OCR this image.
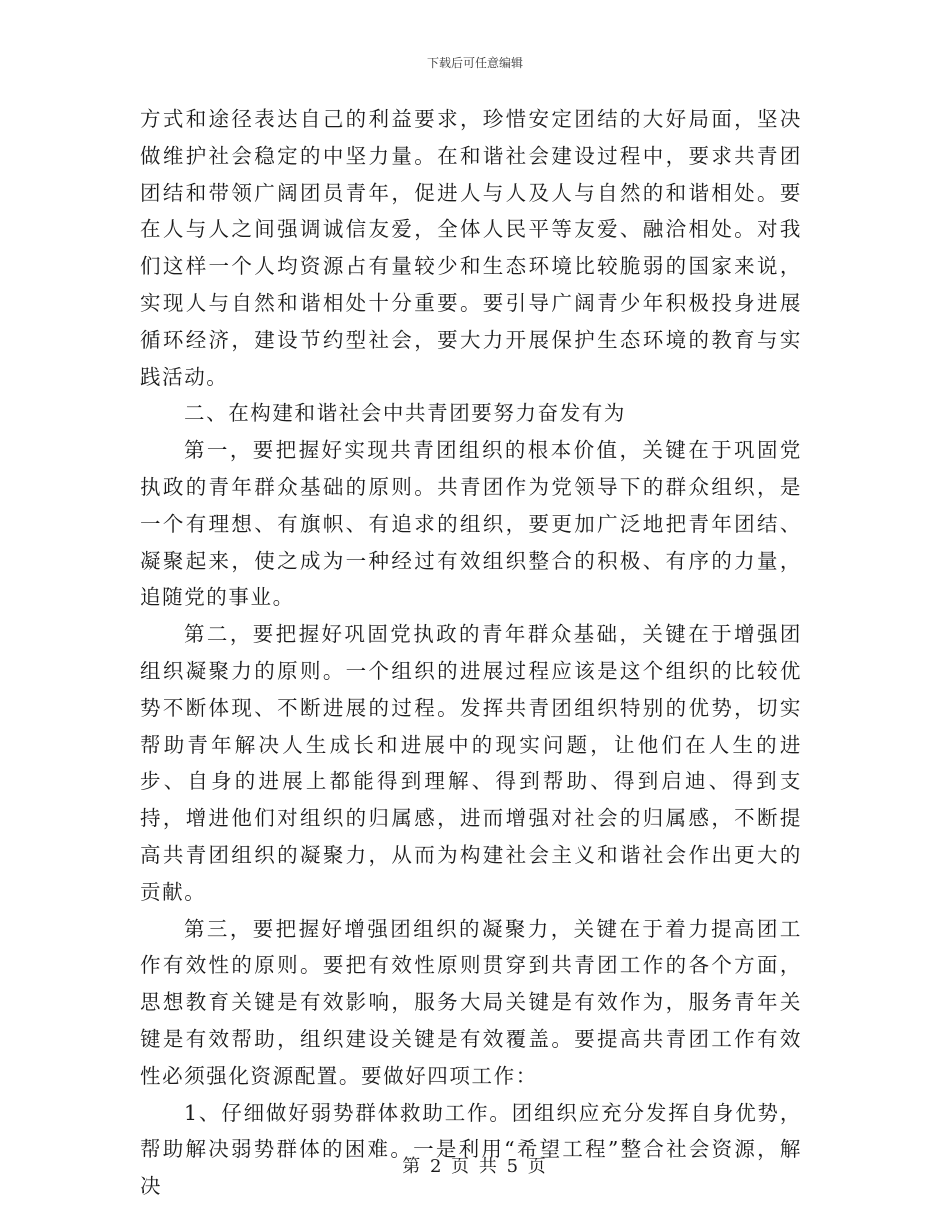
下载后可任意编辑

方式和途径表达自己的利益要求，珍惜安定团结的大好局面，坚决做维护社会稳定的中坚力量。在和谐社会建设过程中，要求共青团团结和带领广阔团员青年，促进人与人及人与自然的和谐相处。要在人与人之间强调诚信友爱，全体人民平等友爱、融洽相处。对我们这样一个人均资源占有量较少和生态环境比较脆弱的国家来说，实现人与自然和谐相处十分重要。要引导广阔青少年积极投身进展循环经济，建设节约型社会，要大力开展保护生态环境的教育与实践活动。

二、在构建和谐社会中共青团要努力奋发有为

第一，要把握好实现共青团组织的根本价值，关键在于巩固党执政的青年群众基础的原则。共青团作为党领导下的群众组织，是一个有理想、有旗帜、有追求的组织，要更加广泛地把青年团结、凝聚起来，使之成为一种经过有效组织整合的积极、有序的力量，追随党的事业。

第二，要把握好巩固党执政的青年群众基础，关键在于增强团组织凝聚力的原则。一个组织的进展过程应该是这个组织的比较优势不断体现、不断进展的过程。发挥共青团组织特别的优势，切实帮助青年解决人生成长和进展中的现实问题，让他们在人生的进步、自身的进展上都能得到理解、得到帮助、得到启迪、得到支持，增进他们对组织的归属感，进而增强对社会的归属感，不断提高共青团组织的凝聚力，从而为构建社会主义和谐社会作出更大的贡献。

第三，要把握好增强团组织的凝聚力，关键在于着力提高团工作有效性的原则。要把有效性原则贯穿到共青团工作的各个方面，思想教育关键是有效影响，服务大局关键是有效作为，服务青年关键是有效帮助，组织建设关键是有效覆盖。要提高共青团工作有效性必须强化资源配置。要做好四项工作：

1、仔细做好弱势群体救助工作。团组织应充分发挥自身优势，帮助解决弱势群体的困难。一是利用“希望工程”整合社会资源，解决

第 2 页 共 5 页
